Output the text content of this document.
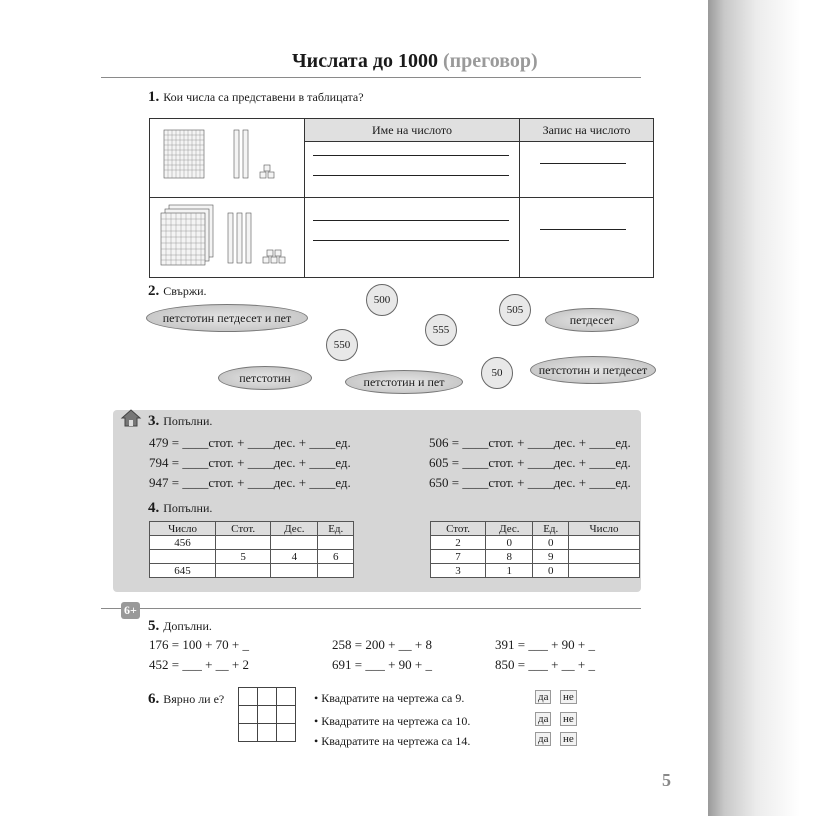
Числата до 1000 (преговор)
1. Кои числа са представени в таблицата?
	Име на числото	Запис на числото

2. Свържи.
петстотин петдесет и пет	петдесет
петстотин	петстотин и пет
петстотин и петдесет
500
505
555
550
50
3. Попълни.
479 = ____стот. + ____дес. + ____ед.
794 = ____стот. + ____дес. + ____ед.
947 = ____стот. + ____дес. + ____ед.
506 = ____стот. + ____дес. + ____ед.
605 = ____стот. + ____дес. + ____ед.
650 = ____стот. + ____дес. + ____ед.
4. Попълни.
Число	Стот.	Дес.	Ед.
456			
	5	4	6
645			
Стот.	Дес.	Ед.	Число
2	0	0	
7	8	9	
3	1	0	
6+
5. Допълни.
176 = 100 + 70 + _	258 = 200 + __ + 8	391 = ___ + 90 + _
452 = ___ + __ + 2	691 = ___ + 90 + _	850 = ___ + __ + _
6. Вярно ли е?

			• Квадратите на чертежа са 9.
• Квадратите на чертежа са 10.
• Квадратите на чертежа са 14.
да не
да не
да не
5
